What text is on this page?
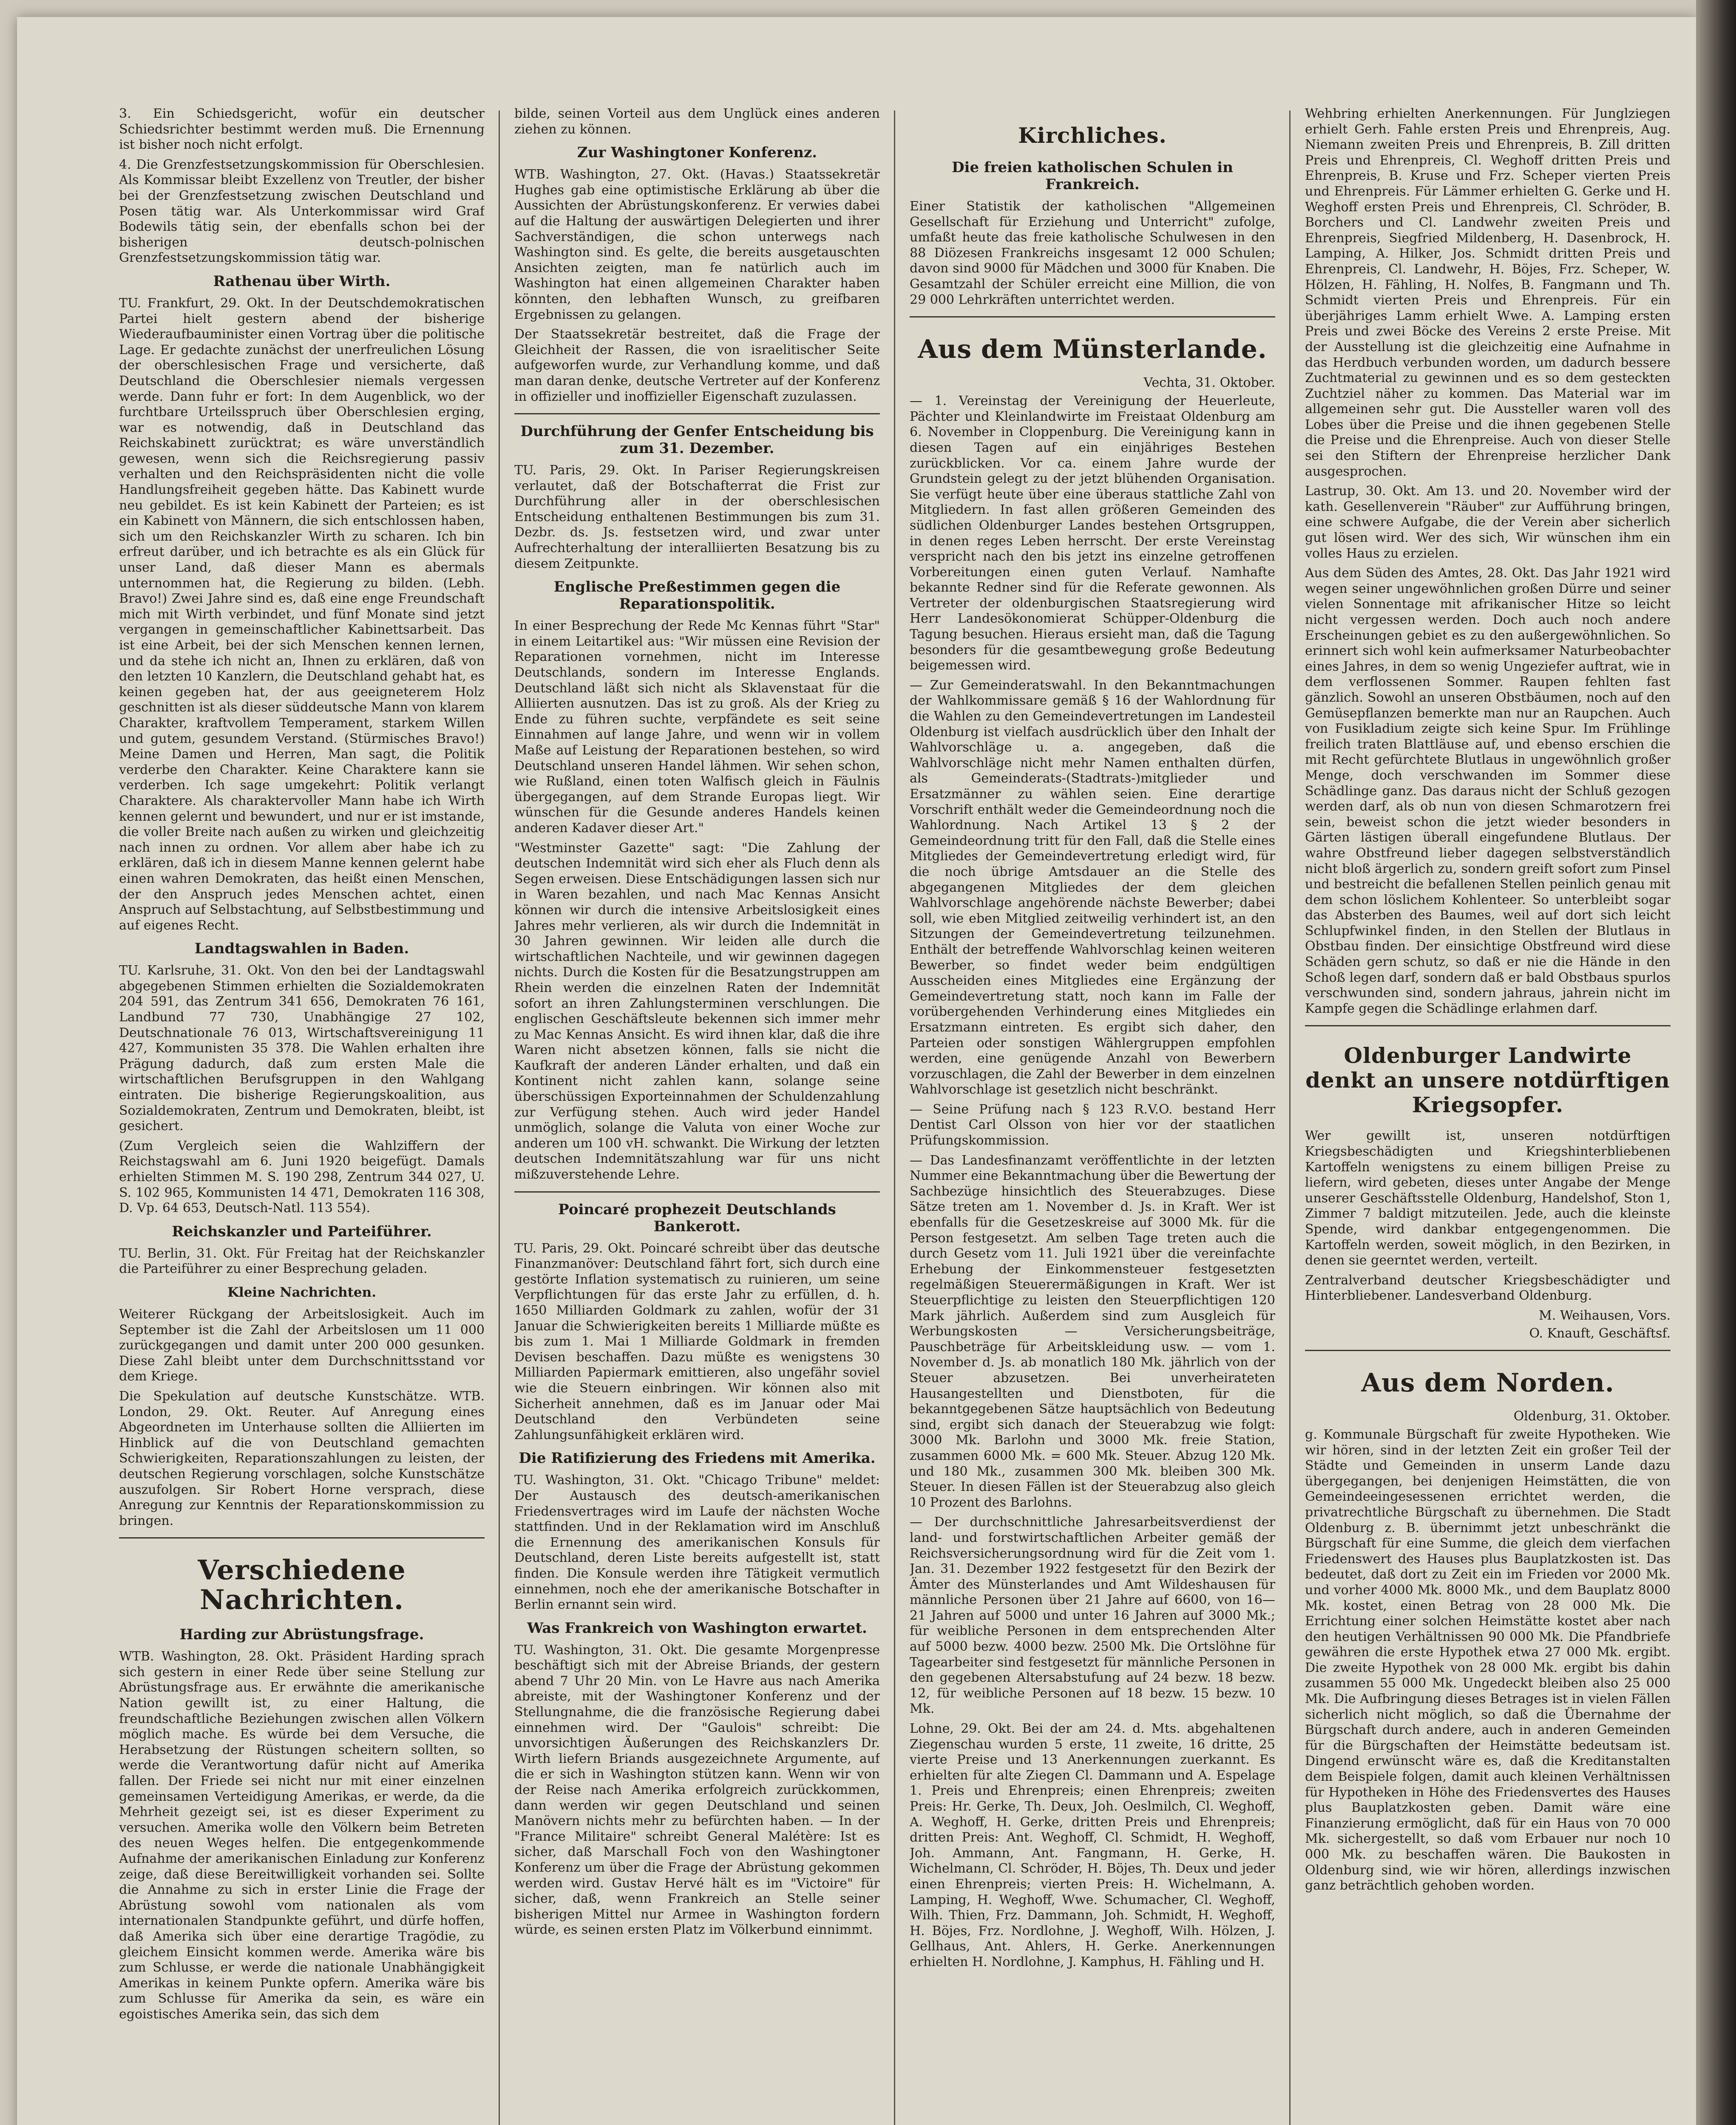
3. Ein Schiedsgericht, wofür ein deutscher Schiedsrichter bestimmt werden muß. Die Ernennung ist bisher noch nicht erfolgt.

4. Die Grenzfestsetzungskommission für Oberschlesien. Als Kommissar bleibt Exzellenz von Treutler, der bisher bei der Grenzfestsetzung zwischen Deutschland und Posen tätig war. Als Unterkommissar wird Graf Bodewils tätig sein, der ebenfalls schon bei der bisherigen deutsch-polnischen Grenzfestsetzungskommission tätig war.

Rathenau über Wirth.

TU. Frankfurt, 29. Okt. In der Deutschdemokratischen Partei hielt gestern abend der bisherige Wiederaufbauminister einen Vortrag über die politische Lage. Er gedachte zunächst der unerfreulichen Lösung der oberschlesischen Frage und versicherte, daß Deutschland die Oberschlesier niemals vergessen werde. Dann fuhr er fort: In dem Augenblick, wo der furchtbare Urteilsspruch über Oberschlesien erging, war es notwendig, daß in Deutschland das Reichskabinett zurücktrat; es wäre unverständlich gewesen, wenn sich die Reichsregierung passiv verhalten und den Reichspräsidenten nicht die volle Handlungsfreiheit gegeben hätte. Das Kabinett wurde neu gebildet. Es ist kein Kabinett der Parteien; es ist ein Kabinett von Männern, die sich entschlossen haben, sich um den Reichskanzler Wirth zu scharen. Ich bin erfreut darüber, und ich betrachte es als ein Glück für unser Land, daß dieser Mann es abermals unternommen hat, die Regierung zu bilden. (Lebh. Bravo!) Zwei Jahre sind es, daß eine enge Freundschaft mich mit Wirth verbindet, und fünf Monate sind jetzt vergangen in gemeinschaftlicher Kabinettsarbeit. Das ist eine Arbeit, bei der sich Menschen kennen lernen, und da stehe ich nicht an, Ihnen zu erklären, daß von den letzten 10 Kanzlern, die Deutschland gehabt hat, es keinen gegeben hat, der aus geeigneterem Holz geschnitten ist als dieser süddeutsche Mann von klarem Charakter, kraftvollem Temperament, starkem Willen und gutem, gesundem Verstand. (Stürmisches Bravo!) Meine Damen und Herren, Man sagt, die Politik verderbe den Charakter. Keine Charaktere kann sie verderben. Ich sage umgekehrt: Politik verlangt Charaktere. Als charaktervoller Mann habe ich Wirth kennen gelernt und bewundert, und nur er ist imstande, die voller Breite nach außen zu wirken und gleichzeitig nach innen zu ordnen. Vor allem aber habe ich zu erklären, daß ich in diesem Manne kennen gelernt habe einen wahren Demokraten, das heißt einen Menschen, der den Anspruch jedes Menschen achtet, einen Anspruch auf Selbstachtung, auf Selbstbestimmung und auf eigenes Recht.

Landtagswahlen in Baden.

TU. Karlsruhe, 31. Okt. Von den bei der Landtagswahl abgegebenen Stimmen erhielten die Sozialdemokraten 204 591, das Zentrum 341 656, Demokraten 76 161, Landbund 77 730, Unabhängige 27 102, Deutschnationale 76 013, Wirtschaftsvereinigung 11 427, Kommunisten 35 378. Die Wahlen erhalten ihre Prägung dadurch, daß zum ersten Male die wirtschaftlichen Berufsgruppen in den Wahlgang eintraten. Die bisherige Regierungskoalition, aus Sozialdemokraten, Zentrum und Demokraten, bleibt, ist gesichert.

(Zum Vergleich seien die Wahlziffern der Reichstagswahl am 6. Juni 1920 beigefügt. Damals erhielten Stimmen M. S. 190 298, Zentrum 344 027, U. S. 102 965, Kommunisten 14 471, Demokraten 116 308, D. Vp. 64 653, Deutsch-Natl. 113 554).

Reichskanzler und Parteiführer.

TU. Berlin, 31. Okt. Für Freitag hat der Reichskanzler die Parteiführer zu einer Besprechung geladen.

Kleine Nachrichten.

Weiterer Rückgang der Arbeitslosigkeit. Auch im September ist die Zahl der Arbeitslosen um 11 000 zurückgegangen und damit unter 200 000 gesunken. Diese Zahl bleibt unter dem Durchschnittsstand vor dem Kriege.

Die Spekulation auf deutsche Kunstschätze. WTB. London, 29. Okt. Reuter. Auf Anregung eines Abgeordneten im Unterhause sollten die Alliierten im Hinblick auf die von Deutschland gemachten Schwierigkeiten, Reparationszahlungen zu leisten, der deutschen Regierung vorschlagen, solche Kunstschätze auszufolgen. Sir Robert Horne versprach, diese Anregung zur Kenntnis der Reparationskommission zu bringen.

Verschiedene Nachrichten.
Harding zur Abrüstungsfrage.

WTB. Washington, 28. Okt. Präsident Harding sprach sich gestern in einer Rede über seine Stellung zur Abrüstungsfrage aus. Er erwähnte die amerikanische Nation gewillt ist, zu einer Haltung, die freundschaftliche Beziehungen zwischen allen Völkern möglich mache. Es würde bei dem Versuche, die Herabsetzung der Rüstungen scheitern sollten, so werde die Verantwortung dafür nicht auf Amerika fallen. Der Friede sei nicht nur mit einer einzelnen gemeinsamen Verteidigung Amerikas, er werde, da die Mehrheit gezeigt sei, ist es dieser Experiment zu versuchen. Amerika wolle den Völkern beim Betreten des neuen Weges helfen. Die entgegenkommende Aufnahme der amerikanischen Einladung zur Konferenz zeige, daß diese Bereitwilligkeit vorhanden sei. Sollte die Annahme zu sich in erster Linie die Frage der Abrüstung sowohl vom nationalen als vom internationalen Standpunkte geführt, und dürfe hoffen, daß Amerika sich über eine derartige Tragödie, zu gleichem Einsicht kommen werde. Amerika wäre bis zum Schlusse, er werde die nationale Unabhängigkeit Amerikas in keinem Punkte opfern. Amerika wäre bis zum Schlusse für Amerika da sein, es wäre ein egoistisches Amerika sein, das sich dem

bilde, seinen Vorteil aus dem Unglück eines anderen ziehen zu können.

Zur Washingtoner Konferenz.

WTB. Washington, 27. Okt. (Havas.) Staatssekretär Hughes gab eine optimistische Erklärung ab über die Aussichten der Abrüstungskonferenz. Er verwies dabei auf die Haltung der auswärtigen Delegierten und ihrer Sachverständigen, die schon unterwegs nach Washington sind. Es gelte, die bereits ausgetauschten Ansichten zeigten, man fe natürlich auch im Washington hat einen allgemeinen Charakter haben könnten, den lebhaften Wunsch, zu greifbaren Ergebnissen zu gelangen.

Der Staatssekretär bestreitet, daß die Frage der Gleichheit der Rassen, die von israelitischer Seite aufgeworfen wurde, zur Verhandlung komme, und daß man daran denke, deutsche Vertreter auf der Konferenz in offizieller und inoffizieller Eigenschaft zuzulassen.

Durchführung der Genfer Entscheidung bis zum 31. Dezember.

TU. Paris, 29. Okt. In Pariser Regierungskreisen verlautet, daß der Botschafterrat die Frist zur Durchführung aller in der oberschlesischen Entscheidung enthaltenen Bestimmungen bis zum 31. Dezbr. ds. Js. festsetzen wird, und zwar unter Aufrechterhaltung der interalliierten Besatzung bis zu diesem Zeitpunkte.

Englische Preßestimmen gegen die Reparationspolitik.

In einer Besprechung der Rede Mc Kennas führt "Star" in einem Leitartikel aus: "Wir müssen eine Revision der Reparationen vornehmen, nicht im Interesse Deutschlands, sondern im Interesse Englands. Deutschland läßt sich nicht als Sklavenstaat für die Alliierten ausnutzen. Das ist zu groß. Als der Krieg zu Ende zu führen suchte, verpfändete es seit seine Einnahmen auf lange Jahre, und wenn wir in vollem Maße auf Leistung der Reparationen bestehen, so wird Deutschland unseren Handel lähmen. Wir sehen schon, wie Rußland, einen toten Walfisch gleich in Fäulnis übergegangen, auf dem Strande Europas liegt. Wir wünschen für die Gesunde anderes Handels keinen anderen Kadaver dieser Art."

"Westminster Gazette" sagt: "Die Zahlung der deutschen Indemnität wird sich eher als Fluch denn als Segen erweisen. Diese Entschädigungen lassen sich nur in Waren bezahlen, und nach Mac Kennas Ansicht können wir durch die intensive Arbeitslosigkeit eines Jahres mehr verlieren, als wir durch die Indemnität in 30 Jahren gewinnen. Wir leiden alle durch die wirtschaftlichen Nachteile, und wir gewinnen dagegen nichts. Durch die Kosten für die Besatzungstruppen am Rhein werden die einzelnen Raten der Indemnität sofort an ihren Zahlungsterminen verschlungen. Die englischen Geschäftsleute bekennen sich immer mehr zu Mac Kennas Ansicht. Es wird ihnen klar, daß die ihre Waren nicht absetzen können, falls sie nicht die Kaufkraft der anderen Länder erhalten, und daß ein Kontinent nicht zahlen kann, solange seine überschüssigen Exporteinnahmen der Schuldenzahlung zur Verfügung stehen. Auch wird jeder Handel unmöglich, solange die Valuta von einer Woche zur anderen um 100 vH. schwankt. Die Wirkung der letzten deutschen Indemnitätszahlung war für uns nicht mißzuverstehende Lehre.

Poincaré prophezeit Deutschlands Bankerott.

TU. Paris, 29. Okt. Poincaré schreibt über das deutsche Finanzmanöver: Deutschland fährt fort, sich durch eine gestörte Inflation systematisch zu ruinieren, um seine Verpflichtungen für das erste Jahr zu erfüllen, d. h. 1650 Milliarden Goldmark zu zahlen, wofür der 31 Januar die Schwierigkeiten bereits 1 Milliarde müßte es bis zum 1. Mai 1 Milliarde Goldmark in fremden Devisen beschaffen. Dazu müßte es wenigstens 30 Milliarden Papiermark emittieren, also ungefähr soviel wie die Steuern einbringen. Wir können also mit Sicherheit annehmen, daß es im Januar oder Mai Deutschland den Verbündeten seine Zahlungsunfähigkeit erklären wird.

Die Ratifizierung des Friedens mit Amerika.

TU. Washington, 31. Okt. "Chicago Tribune" meldet: Der Austausch des deutsch-amerikanischen Friedensvertrages wird im Laufe der nächsten Woche stattfinden. Und in der Reklamation wird im Anschluß die Ernennung des amerikanischen Konsuls für Deutschland, deren Liste bereits aufgestellt ist, statt finden. Die Konsule werden ihre Tätigkeit vermutlich einnehmen, noch ehe der amerikanische Botschafter in Berlin ernannt sein wird.

Was Frankreich von Washington erwartet.

TU. Washington, 31. Okt. Die gesamte Morgenpresse beschäftigt sich mit der Abreise Briands, der gestern abend 7 Uhr 20 Min. von Le Havre aus nach Amerika abreiste, mit der Washingtoner Konferenz und der Stellungnahme, die die französische Regierung dabei einnehmen wird. Der "Gaulois" schreibt: Die unvorsichtigen Äußerungen des Reichskanzlers Dr. Wirth liefern Briands ausgezeichnete Argumente, auf die er sich in Washington stützen kann. Wenn wir von der Reise nach Amerika erfolgreich zurückkommen, dann werden wir gegen Deutschland und seinen Manövern nichts mehr zu befürchten haben. — In der "France Militaire" schreibt General Malétère: Ist es sicher, daß Marschall Foch von den Washingtoner Konferenz um über die Frage der Abrüstung gekommen werden wird. Gustav Hervé hält es im "Victoire" für sicher, daß, wenn Frankreich an Stelle seiner bisherigen Mittel nur Armee in Washington fordern würde, es seinen ersten Platz im Völkerbund einnimmt.

Kirchliches.
Die freien katholischen Schulen in Frankreich.

Einer Statistik der katholischen "Allgemeinen Gesellschaft für Erziehung und Unterricht" zufolge, umfaßt heute das freie katholische Schulwesen in den 88 Diözesen Frankreichs insgesamt 12 000 Schulen; davon sind 9000 für Mädchen und 3000 für Knaben. Die Gesamtzahl der Schüler erreicht eine Million, die von 29 000 Lehrkräften unterrichtet werden.

Aus dem Münsterlande.
Vechta, 31. Oktober.

— 1. Vereinstag der Vereinigung der Heuerleute, Pächter und Kleinlandwirte im Freistaat Oldenburg am 6. November in Cloppenburg. Die Vereinigung kann in diesen Tagen auf ein einjähriges Bestehen zurückblicken. Vor ca. einem Jahre wurde der Grundstein gelegt zu der jetzt blühenden Organisation. Sie verfügt heute über eine überaus stattliche Zahl von Mitgliedern. In fast allen größeren Gemeinden des südlichen Oldenburger Landes bestehen Ortsgruppen, in denen reges Leben herrscht. Der erste Vereinstag verspricht nach den bis jetzt ins einzelne getroffenen Vorbereitungen einen guten Verlauf. Namhafte bekannte Redner sind für die Referate gewonnen. Als Vertreter der oldenburgischen Staatsregierung wird Herr Landesökonomierat Schüpper-Oldenburg die Tagung besuchen. Hieraus ersieht man, daß die Tagung besonders für die gesamtbewegung große Bedeutung beigemessen wird.

— Zur Gemeinderatswahl. In den Bekanntmachungen der Wahlkommissare gemäß § 16 der Wahlordnung für die Wahlen zu den Gemeindevertretungen im Landesteil Oldenburg ist vielfach ausdrücklich über den Inhalt der Wahlvorschläge u. a. angegeben, daß die Wahlvorschläge nicht mehr Namen enthalten dürfen, als Gemeinderats-(Stadtrats-)mitglieder und Ersatzmänner zu wählen seien. Eine derartige Vorschrift enthält weder die Gemeindeordnung noch die Wahlordnung. Nach Artikel 13 § 2 der Gemeindeordnung tritt für den Fall, daß die Stelle eines Mitgliedes der Gemeindevertretung erledigt wird, für die noch übrige Amtsdauer an die Stelle des abgegangenen Mitgliedes der dem gleichen Wahlvorschlage angehörende nächste Bewerber; dabei soll, wie eben Mitglied zeitweilig verhindert ist, an den Sitzungen der Gemeindevertretung teilzunehmen. Enthält der betreffende Wahlvorschlag keinen weiteren Bewerber, so findet weder beim endgültigen Ausscheiden eines Mitgliedes eine Ergänzung der Gemeindevertretung statt, noch kann im Falle der vorübergehenden Verhinderung eines Mitgliedes ein Ersatzmann eintreten. Es ergibt sich daher, den Parteien oder sonstigen Wählergruppen empfohlen werden, eine genügende Anzahl von Bewerbern vorzuschlagen, die Zahl der Bewerber in dem einzelnen Wahlvorschlage ist gesetzlich nicht beschränkt.

— Seine Prüfung nach § 123 R.V.O. bestand Herr Dentist Carl Olsson von hier vor der staatlichen Prüfungskommission.

— Das Landesfinanzamt veröffentlichte in der letzten Nummer eine Bekanntmachung über die Bewertung der Sachbezüge hinsichtlich des Steuerabzuges. Diese Sätze treten am 1. November d. Js. in Kraft. Wer ist ebenfalls für die Gesetzeskreise auf 3000 Mk. für die Person festgesetzt. Am selben Tage treten auch die durch Gesetz vom 11. Juli 1921 über die vereinfachte Erhebung der Einkommensteuer festgesetzten regelmäßigen Steuerermäßigungen in Kraft. Wer ist Steuerpflichtige zu leisten den Steuerpflichtigen 120 Mark jährlich. Außerdem sind zum Ausgleich für Werbungskosten — Versicherungsbeiträge, Pauschbeträge für Arbeitskleidung usw. — vom 1. November d. Js. ab monatlich 180 Mk. jährlich von der Steuer abzusetzen. Bei unverheirateten Hausangestellten und Dienstboten, für die bekanntgegebenen Sätze hauptsächlich von Bedeutung sind, ergibt sich danach der Steuerabzug wie folgt: 3000 Mk. Barlohn und 3000 Mk. freie Station, zusammen 6000 Mk. = 600 Mk. Steuer. Abzug 120 Mk. und 180 Mk., zusammen 300 Mk. bleiben 300 Mk. Steuer. In diesen Fällen ist der Steuerabzug also gleich 10 Prozent des Barlohns.

— Der durchschnittliche Jahresarbeitsverdienst der land- und forstwirtschaftlichen Arbeiter gemäß der Reichsversicherungsordnung wird für die Zeit vom 1. Jan. 31. Dezember 1922 festgesetzt für den Bezirk der Ämter des Münsterlandes und Amt Wildeshausen für männliche Personen über 21 Jahre auf 6600, von 16—21 Jahren auf 5000 und unter 16 Jahren auf 3000 Mk.; für weibliche Personen in dem entsprechenden Alter auf 5000 bezw. 4000 bezw. 2500 Mk. Die Ortslöhne für Tagearbeiter sind festgesetzt für männliche Personen in den gegebenen Altersabstufung auf 24 bezw. 18 bezw. 12, für weibliche Personen auf 18 bezw. 15 bezw. 10 Mk.

Lohne, 29. Okt. Bei der am 24. d. Mts. abgehaltenen Ziegenschau wurden 5 erste, 11 zweite, 16 dritte, 25 vierte Preise und 13 Anerkennungen zuerkannt. Es erhielten für alte Ziegen Cl. Dammann und A. Espelage 1. Preis und Ehrenpreis; einen Ehrenpreis; zweiten Preis: Hr. Gerke, Th. Deux, Joh. Oeslmilch, Cl. Weghoff, A. Weghoff, H. Gerke, dritten Preis und Ehrenpreis; dritten Preis: Ant. Weghoff, Cl. Schmidt, H. Weghoff, Joh. Ammann, Ant. Fangmann, H. Gerke, H. Wichelmann, Cl. Schröder, H. Böjes, Th. Deux und jeder einen Ehrenpreis; vierten Preis: H. Wichelmann, A. Lamping, H. Weghoff, Wwe. Schumacher, Cl. Weghoff, Wilh. Thien, Frz. Dammann, Joh. Schmidt, H. Weghoff, H. Böjes, Frz. Nordlohne, J. Weghoff, Wilh. Hölzen, J. Gellhaus, Ant. Ahlers, H. Gerke. Anerkennungen erhielten H. Nordlohne, J. Kamphus, H. Fähling und H.

Wehbring erhielten Anerkennungen. Für Junglziegen erhielt Gerh. Fahle ersten Preis und Ehrenpreis, Aug. Niemann zweiten Preis und Ehrenpreis, B. Zill dritten Preis und Ehrenpreis, Cl. Weghoff dritten Preis und Ehrenpreis, B. Kruse und Frz. Scheper vierten Preis und Ehrenpreis. Für Lämmer erhielten G. Gerke und H. Weghoff ersten Preis und Ehrenpreis, Cl. Schröder, B. Borchers und Cl. Landwehr zweiten Preis und Ehrenpreis, Siegfried Mildenberg, H. Dasenbrock, H. Lamping, A. Hilker, Jos. Schmidt dritten Preis und Ehrenpreis, Cl. Landwehr, H. Böjes, Frz. Scheper, W. Hölzen, H. Fähling, H. Nolfes, B. Fangmann und Th. Schmidt vierten Preis und Ehrenpreis. Für ein überjähriges Lamm erhielt Wwe. A. Lamping ersten Preis und zwei Böcke des Vereins 2 erste Preise. Mit der Ausstellung ist die gleichzeitig eine Aufnahme in das Herdbuch verbunden worden, um dadurch bessere Zuchtmaterial zu gewinnen und es so dem gesteckten Zuchtziel näher zu kommen. Das Material war im allgemeinen sehr gut. Die Aussteller waren voll des Lobes über die Preise und die ihnen gegebenen Stelle die Preise und die Ehrenpreise. Auch von dieser Stelle sei den Stiftern der Ehrenpreise herzlicher Dank ausgesprochen.

Lastrup, 30. Okt. Am 13. und 20. November wird der kath. Gesellenverein "Räuber" zur Aufführung bringen, eine schwere Aufgabe, die der Verein aber sicherlich gut lösen wird. Wer des sich, Wir wünschen ihm ein volles Haus zu erzielen.

Aus dem Süden des Amtes, 28. Okt. Das Jahr 1921 wird wegen seiner ungewöhnlichen großen Dürre und seiner vielen Sonnentage mit afrikanischer Hitze so leicht nicht vergessen werden. Doch auch noch andere Erscheinungen gebiet es zu den außergewöhnlichen. So erinnert sich wohl kein aufmerksamer Naturbeobachter eines Jahres, in dem so wenig Ungeziefer auftrat, wie in dem verflossenen Sommer. Raupen fehlten fast gänzlich. Sowohl an unseren Obstbäumen, noch auf den Gemüsepflanzen bemerkte man nur an Raupchen. Auch von Fusikladium zeigte sich keine Spur. Im Frühlinge freilich traten Blattläuse auf, und ebenso erschien die mit Recht gefürchtete Blutlaus in ungewöhnlich großer Menge, doch verschwanden im Sommer diese Schädlinge ganz. Das daraus nicht der Schluß gezogen werden darf, als ob nun von diesen Schmarotzern frei sein, beweist schon die jetzt wieder besonders in Gärten lästigen überall eingefundene Blutlaus. Der wahre Obstfreund lieber dagegen selbstverständlich nicht bloß ärgerlich zu, sondern greift sofort zum Pinsel und bestreicht die befallenen Stellen peinlich genau mit dem schon löslichem Kohlenteer. So unterbleibt sogar das Absterben des Baumes, weil auf dort sich leicht Schlupfwinkel finden, in den Stellen der Blutlaus in Obstbau finden. Der einsichtige Obstfreund wird diese Schäden gern schutz, so daß er nie die Hände in den Schoß legen darf, sondern daß er bald Obstbaus spurlos verschwunden sind, sondern jahraus, jahrein nicht im Kampfe gegen die Schädlinge erlahmen darf.

Oldenburger Landwirte denkt an unsere notdürftigen Kriegsopfer.

Wer gewillt ist, unseren notdürftigen Kriegsbeschädigten und Kriegshinterbliebenen Kartoffeln wenigstens zu einem billigen Preise zu liefern, wird gebeten, dieses unter Angabe der Menge unserer Geschäftsstelle Oldenburg, Handelshof, Ston 1, Zimmer 7 baldigt mitzuteilen. Jede, auch die kleinste Spende, wird dankbar entgegengenommen. Die Kartoffeln werden, soweit möglich, in den Bezirken, in denen sie geerntet werden, verteilt.

Zentralverband deutscher Kriegsbeschädigter und Hinterbliebener. Landesverband Oldenburg.

M. Weihausen, Vors.
O. Knauft, Geschäftsf.
Aus dem Norden.
Oldenburg, 31. Oktober.

g. Kommunale Bürgschaft für zweite Hypotheken. Wie wir hören, sind in der letzten Zeit ein großer Teil der Städte und Gemeinden in unserm Lande dazu übergegangen, bei denjenigen Heimstätten, die von Gemeindeeingesessenen errichtet werden, die privatrechtliche Bürgschaft zu übernehmen. Die Stadt Oldenburg z. B. übernimmt jetzt unbeschränkt die Bürgschaft für eine Summe, die gleich dem vierfachen Friedenswert des Hauses plus Bauplatzkosten ist. Das bedeutet, daß dort zu Zeit ein im Frieden vor 2000 Mk. und vorher 4000 Mk. 8000 Mk., und dem Bauplatz 8000 Mk. kostet, einen Betrag von 28 000 Mk. Die Errichtung einer solchen Heimstätte kostet aber nach den heutigen Verhältnissen 90 000 Mk. Die Pfandbriefe gewähren die erste Hypothek etwa 27 000 Mk. ergibt. Die zweite Hypothek von 28 000 Mk. ergibt bis dahin zusammen 55 000 Mk. Ungedeckt bleiben also 25 000 Mk. Die Aufbringung dieses Betrages ist in vielen Fällen sicherlich nicht möglich, so daß die Übernahme der Bürgschaft durch andere, auch in anderen Gemeinden für die Bürgschaften der Heimstätte bedeutsam ist. Dingend erwünscht wäre es, daß die Kreditanstalten dem Beispiele folgen, damit auch kleinen Verhältnissen für Hypotheken in Höhe des Friedensvertes des Hauses plus Bauplatzkosten geben. Damit wäre eine Finanzierung ermöglicht, daß für ein Haus von 70 000 Mk. sichergestellt, so daß vom Erbauer nur noch 10 000 Mk. zu beschaffen wären. Die Baukosten in Oldenburg sind, wie wir hören, allerdings inzwischen ganz beträchtlich gehoben worden.
